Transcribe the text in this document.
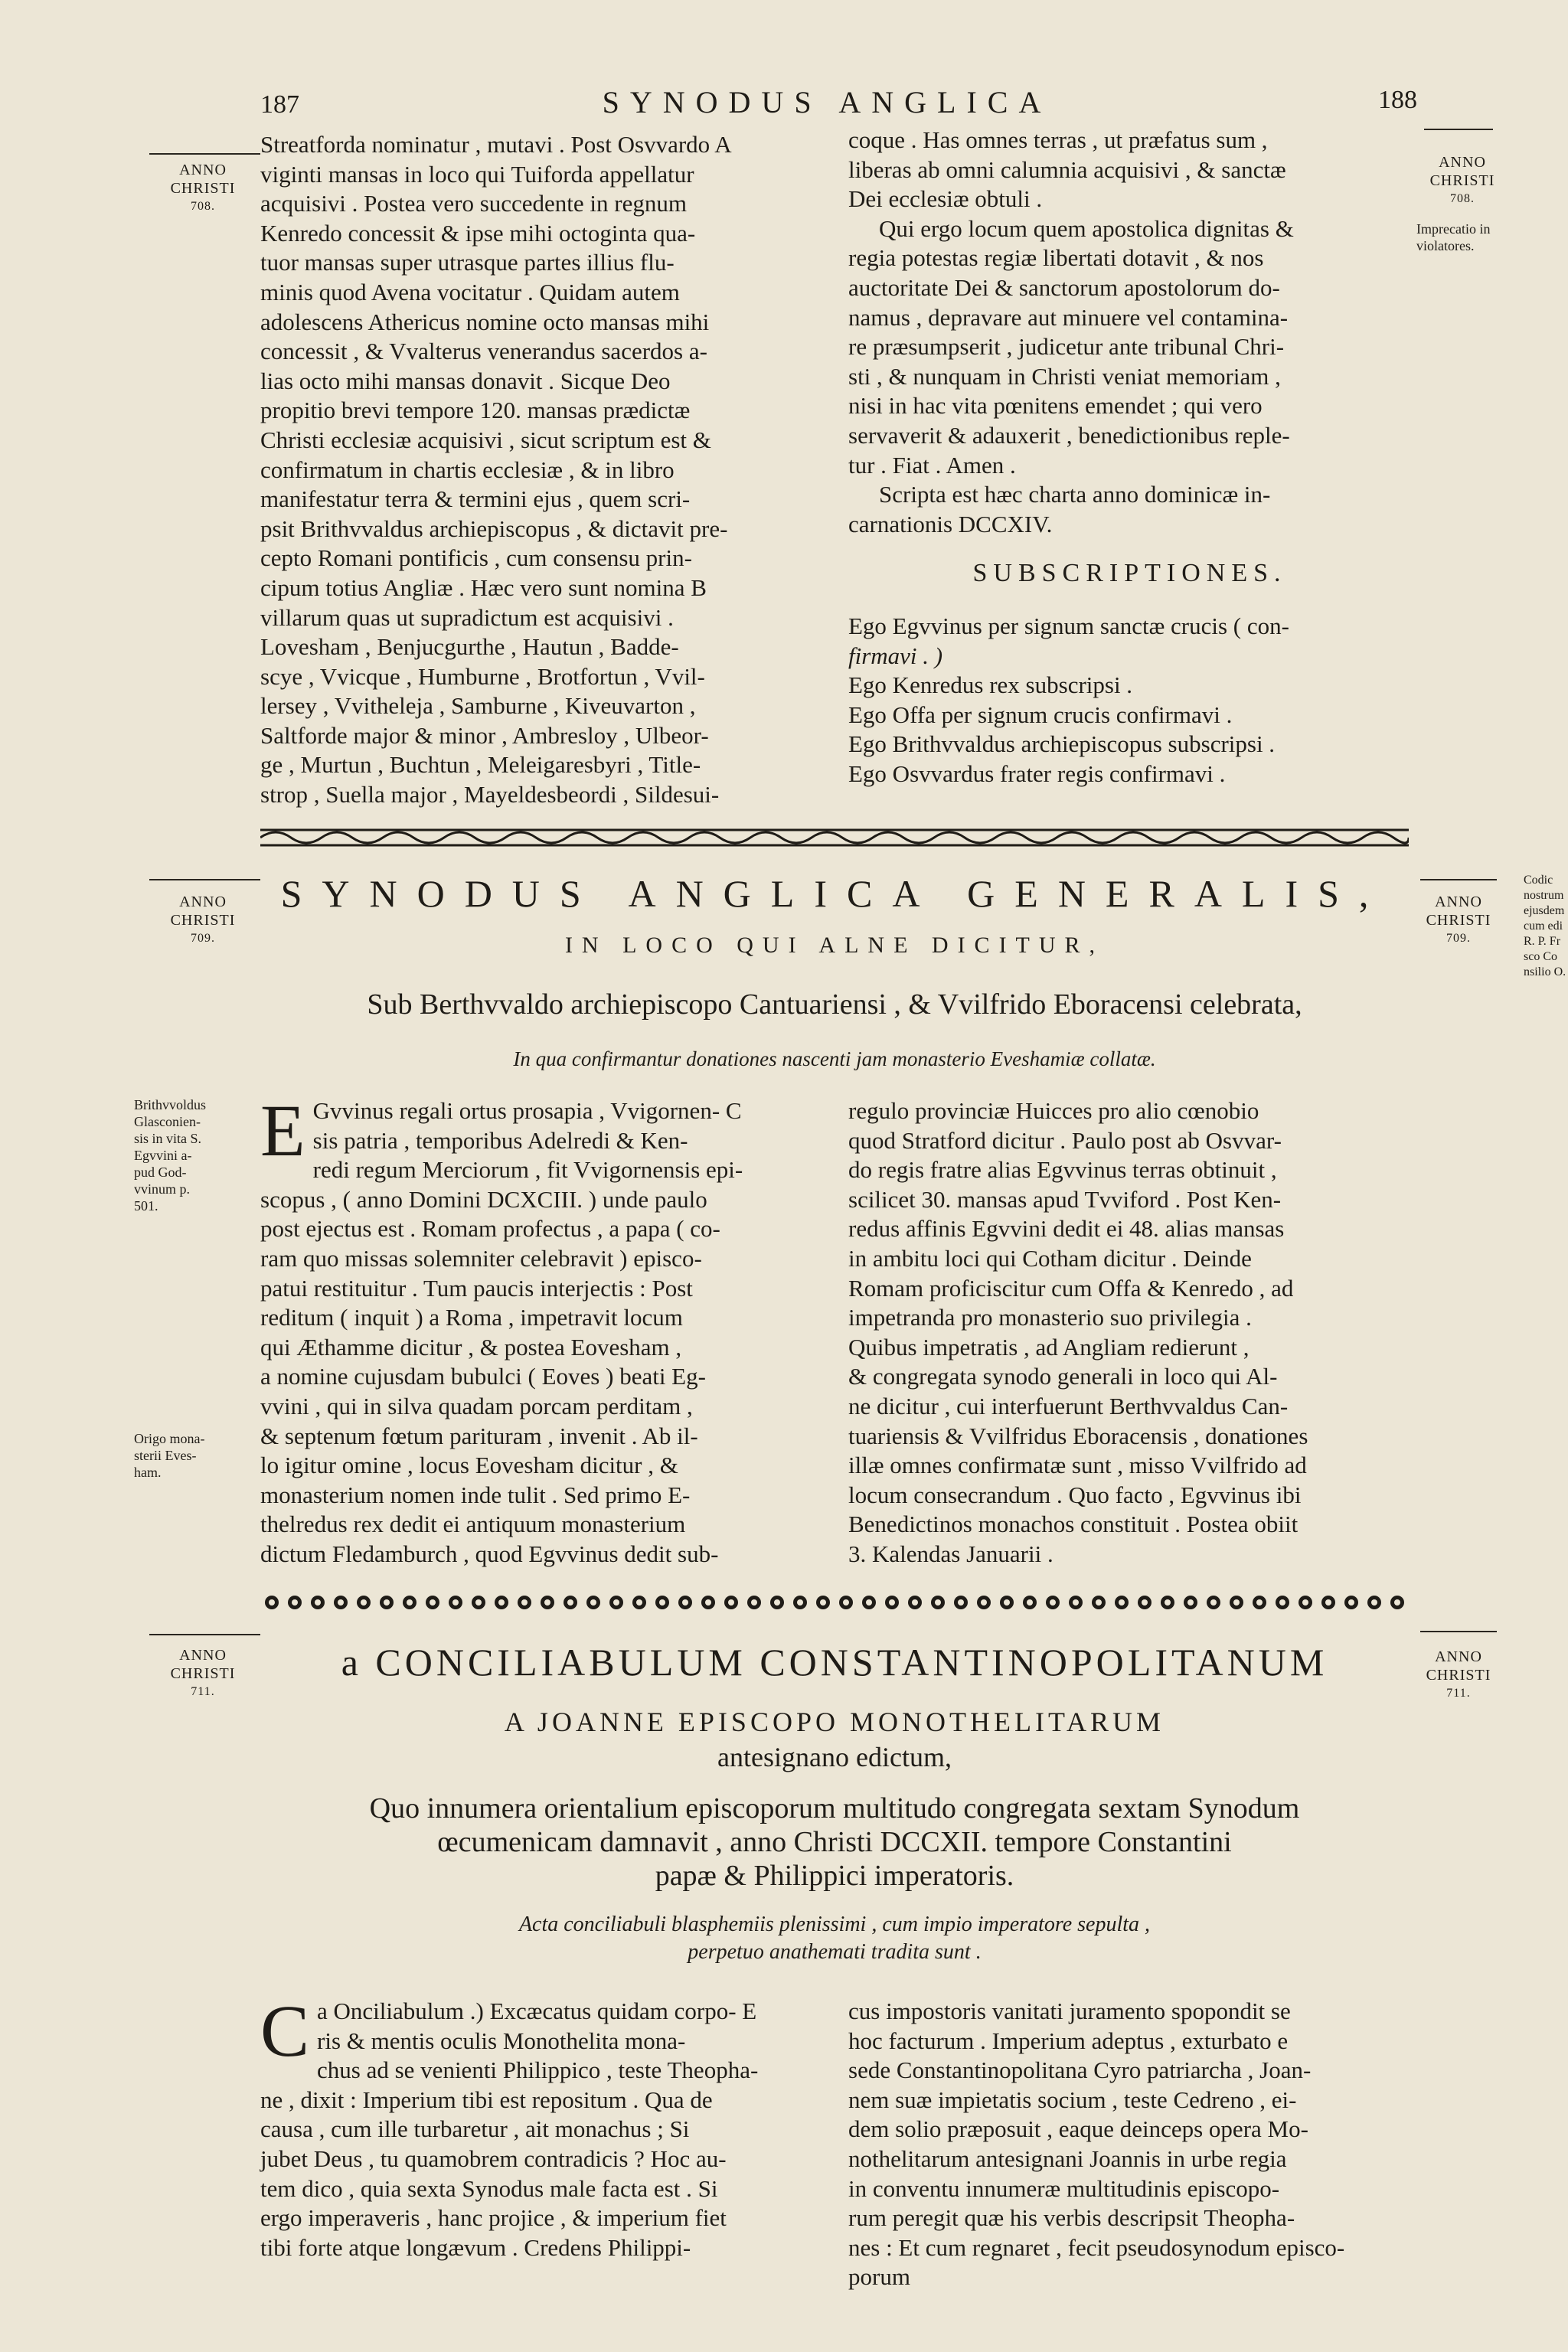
187	SYNODUS ANGLICA	188
ANNO
CHRISTI
708.
ANNO
CHRISTI
708.
Imprecatio in
violatores.

Streatforda nominatur , mutavi . Post Osvvardo A
viginti mansas in loco qui Tuiforda appellatur
acquisivi . Postea vero succedente in regnum
Kenredo concessit & ipse mihi octoginta qua-
tuor mansas super utrasque partes illius flu-
minis quod Avena vocitatur . Quidam autem
adolescens Athericus nomine octo mansas mihi
concessit , & Vvalterus venerandus sacerdos a-
lias octo mihi mansas donavit . Sicque Deo
propitio brevi tempore 120. mansas prædictæ
Christi ecclesiæ acquisivi , sicut scriptum est &
confirmatum in chartis ecclesiæ , & in libro
manifestatur terra & termini ejus , quem scri-
psit Brithvvaldus archiepiscopus , & dictavit pre-
cepto Romani pontificis , cum consensu prin-
cipum totius Angliæ . Hæc vero sunt nomina B
villarum quas ut supradictum est acquisivi .
Lovesham , Benjucgurthe , Hautun , Badde-
scye , Vvicque , Humburne , Brotfortun , Vvil-
lersey , Vvitheleja , Samburne , Kiveuvarton ,
Saltforde major & minor , Ambresloy , Ulbeor-
ge , Murtun , Buchtun , Meleigaresbyri , Title-
strop , Suella major , Mayeldesbeordi , Sildesui-

coque . Has omnes terras , ut præfatus sum ,
liberas ab omni calumnia acquisivi , & sanctæ
Dei ecclesiæ obtuli .

Qui ergo locum quem apostolica dignitas &
regia potestas regiæ libertati dotavit , & nos
auctoritate Dei & sanctorum apostolorum do-
namus , depravare aut minuere vel contamina-
re præsumpserit , judicetur ante tribunal Chri-
sti , & nunquam in Christi veniat memoriam ,
nisi in hac vita pœnitens emendet ; qui vero
servaverit & adauxerit , benedictionibus reple-
tur . Fiat . Amen .

Scripta est hæc charta anno dominicæ in-
carnationis DCCXIV.

SUBSCRIPTIONES.
Ego Egvvinus per signum sanctæ crucis ( con-
firmavi . )
Ego Kenredus rex subscripsi .
Ego Offa per signum crucis confirmavi .
Ego Brithvvaldus archiepiscopus subscripsi .
Ego Osvvardus frater regis confirmavi .
ANNO
CHRISTI
709.
ANNO
CHRISTI
709.
SYNODUS ANGLICA GENERALIS,
IN LOCO QUI ALNE DICITUR,
Sub Berthvvaldo archiepiscopo Cantuariensi , & Vvilfrido Eboracensi celebrata,
In qua confirmantur donationes nascenti jam monasterio Eveshamiæ collatæ.
Brithvvoldus
Glasconien-
sis in vita S.
Egvvini a-
pud God-
vvinum p.
501.
Origo mona-
sterii Eves-
ham.
E Gvvinus regali ortus prosapia , Vvigornen- C
sis patria , temporibus Adelredi & Ken-
redi regum Merciorum , fit Vvigornensis epi-
scopus , ( anno Domini DCXCIII. ) unde paulo
post ejectus est . Romam profectus , a papa ( co-
ram quo missas solemniter celebravit ) episco-
patui restituitur . Tum paucis interjectis : Post
reditum ( inquit ) a Roma , impetravit locum
qui Æthamme dicitur , & postea Eovesham ,
a nomine cujusdam bubulci ( Eoves ) beati Eg-
vvini , qui in silva quadam porcam perditam ,
& septenum fœtum parituram , invenit . Ab il-
lo igitur omine , locus Eovesham dicitur , &
monasterium nomen inde tulit . Sed primo E-
thelredus rex dedit ei antiquum monasterium
dictum Fledamburch , quod Egvvinus dedit sub-

regulo provinciæ Huicces pro alio cœnobio
quod Stratford dicitur . Paulo post ab Osvvar-
do regis fratre alias Egvvinus terras obtinuit ,
scilicet 30. mansas apud Tvviford . Post Ken-
redus affinis Egvvini dedit ei 48. alias mansas
in ambitu loci qui Cotham dicitur . Deinde
Romam proficiscitur cum Offa & Kenredo , ad
impetranda pro monasterio suo privilegia .
Quibus impetratis , ad Angliam redierunt ,
& congregata synodo generali in loco qui Al-
ne dicitur , cui interfuerunt Berthvvaldus Can-
tuariensis & Vvilfridus Eboracensis , donationes
illæ omnes confirmatæ sunt , misso Vvilfrido ad
locum consecrandum . Quo facto , Egvvinus ibi
Benedictinos monachos constituit . Postea obiit
3. Kalendas Januarii .

ANNO
CHRISTI
711.
ANNO
CHRISTI
711.
a CONCILIABULUM CONSTANTINOPOLITANUM
A JOANNE EPISCOPO MONOTHELITARUM
antesignano edictum,

Quo innumera orientalium episcoporum multitudo congregata sextam Synodum
œcumenicam damnavit , anno Christi DCCXII. tempore Constantini
papæ & Philippici imperatoris.

Acta conciliabuli blasphemiis plenissimi , cum impio imperatore sepulta ,
perpetuo anathemati tradita sunt .

C a Onciliabulum .) Excæcatus quidam corpo- E
ris & mentis oculis Monothelita mona-
chus ad se venienti Philippico , teste Theopha-
ne , dixit : Imperium tibi est repositum . Qua de
causa , cum ille turbaretur , ait monachus ; Si
jubet Deus , tu quamobrem contradicis ? Hoc au-
tem dico , quia sexta Synodus male facta est . Si
ergo imperaveris , hanc projice , & imperium fiet
tibi forte atque longævum . Credens Philippi-

cus impostoris vanitati juramento spopondit se
hoc facturum . Imperium adeptus , exturbato e
sede Constantinopolitana Cyro patriarcha , Joan-
nem suæ impietatis socium , teste Cedreno , ei-
dem solio præposuit , eaque deinceps opera Mo-
nothelitarum antesignani Joannis in urbe regia
in conventu innumeræ multitudinis episcopo-
rum peregit quæ his verbis descripsit Theopha-
nes : Et cum regnaret , fecit pseudosynodum episco-
porum

Codic
nostrum
ejusdem
cum edi
R. P. Fr
sco Co
nsilio O.
